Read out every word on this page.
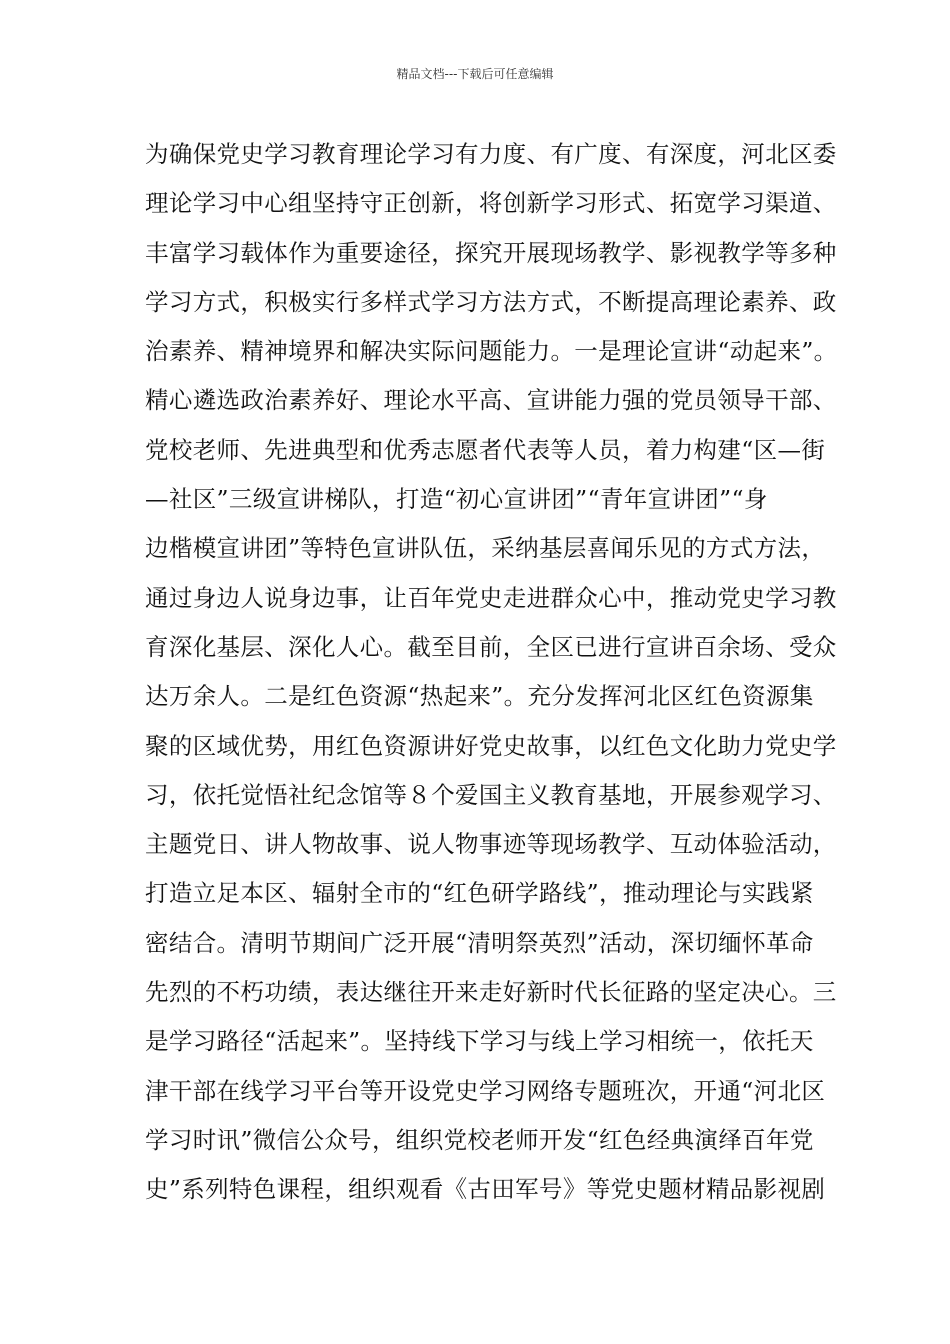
精品文档---下载后可任意编辑
为确保党史学习教育理论学习有力度、有广度、有深度，河北区委
理论学习中心组坚持守正创新，将创新学习形式、拓宽学习渠道、
丰富学习载体作为重要途径，探究开展现场教学、影视教学等多种
学习方式，积极实行多样式学习方法方式，不断提高理论素养、政
治素养、精神境界和解决实际问题能力。一是理论宣讲“动起来”。
精心遴选政治素养好、理论水平高、宣讲能力强的党员领导干部、
党校老师、先进典型和优秀志愿者代表等人员，着力构建“区—街
—社区”三级宣讲梯队，打造“初心宣讲团”“青年宣讲团”“身
边楷模宣讲团”等特色宣讲队伍，采纳基层喜闻乐见的方式方法，
通过身边人说身边事，让百年党史走进群众心中，推动党史学习教
育深化基层、深化人心。截至目前，全区已进行宣讲百余场、受众
达万余人。二是红色资源“热起来”。充分发挥河北区红色资源集
聚的区域优势，用红色资源讲好党史故事，以红色文化助力党史学
习，依托觉悟社纪念馆等８个爱国主义教育基地，开展参观学习、
主题党日、讲人物故事、说人物事迹等现场教学、互动体验活动，
打造立足本区、辐射全市的“红色研学路线”，推动理论与实践紧
密结合。清明节期间广泛开展“清明祭英烈”活动，深切缅怀革命
先烈的不朽功绩，表达继往开来走好新时代长征路的坚定决心。三
是学习路径“活起来”。坚持线下学习与线上学习相统一，依托天
津干部在线学习平台等开设党史学习网络专题班次，开通“河北区
学习时讯”微信公众号，组织党校老师开发“红色经典演绎百年党
史”系列特色课程，组织观看《古田军号》等党史题材精品影视剧
